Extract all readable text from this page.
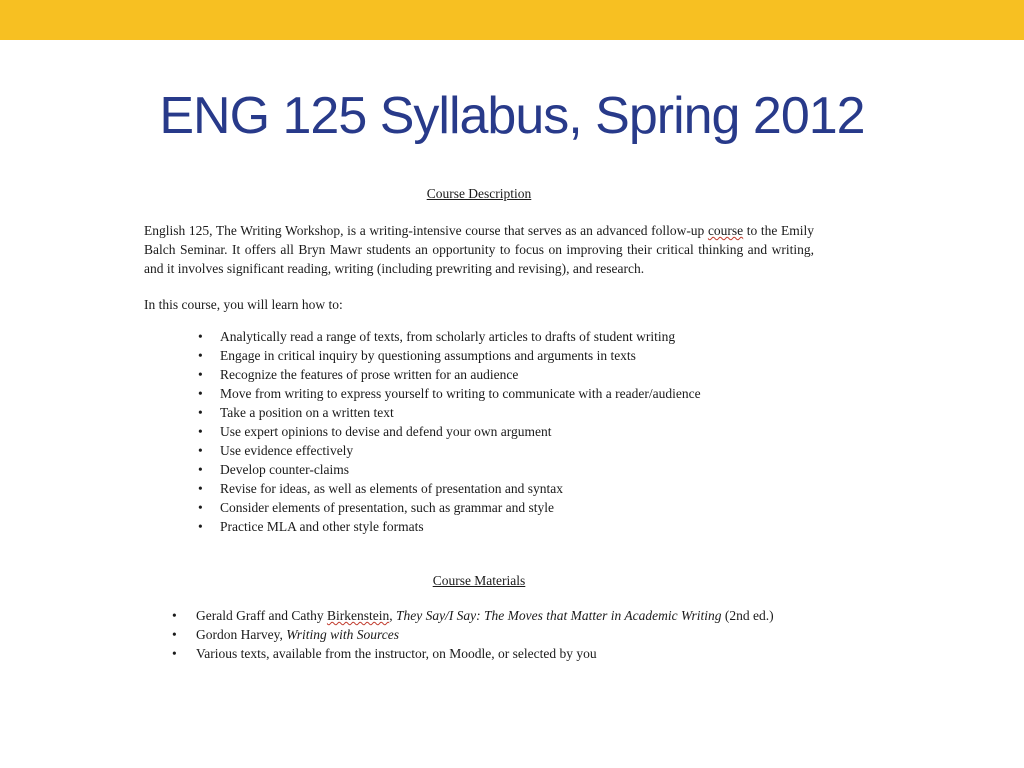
ENG 125 Syllabus, Spring 2012

Course Description

English 125, The Writing Workshop, is a writing-intensive course that serves as an advanced follow-up course to the Emily Balch Seminar. It offers all Bryn Mawr students an opportunity to focus on improving their critical thinking and writing, and it involves significant reading, writing (including prewriting and revising), and research.

In this course, you will learn how to:

• Analytically read a range of texts, from scholarly articles to drafts of student writing
• Engage in critical inquiry by questioning assumptions and arguments in texts
• Recognize the features of prose written for an audience
• Move from writing to express yourself to writing to communicate with a reader/audience
• Take a position on a written text
• Use expert opinions to devise and defend your own argument
• Use evidence effectively
• Develop counter-claims
• Revise for ideas, as well as elements of presentation and syntax
• Consider elements of presentation, such as grammar and style
• Practice MLA and other style formats

Course Materials

• Gerald Graff and Cathy Birkenstein, They Say/I Say: The Moves that Matter in Academic Writing (2nd ed.)
• Gordon Harvey, Writing with Sources
• Various texts, available from the instructor, on Moodle, or selected by you
